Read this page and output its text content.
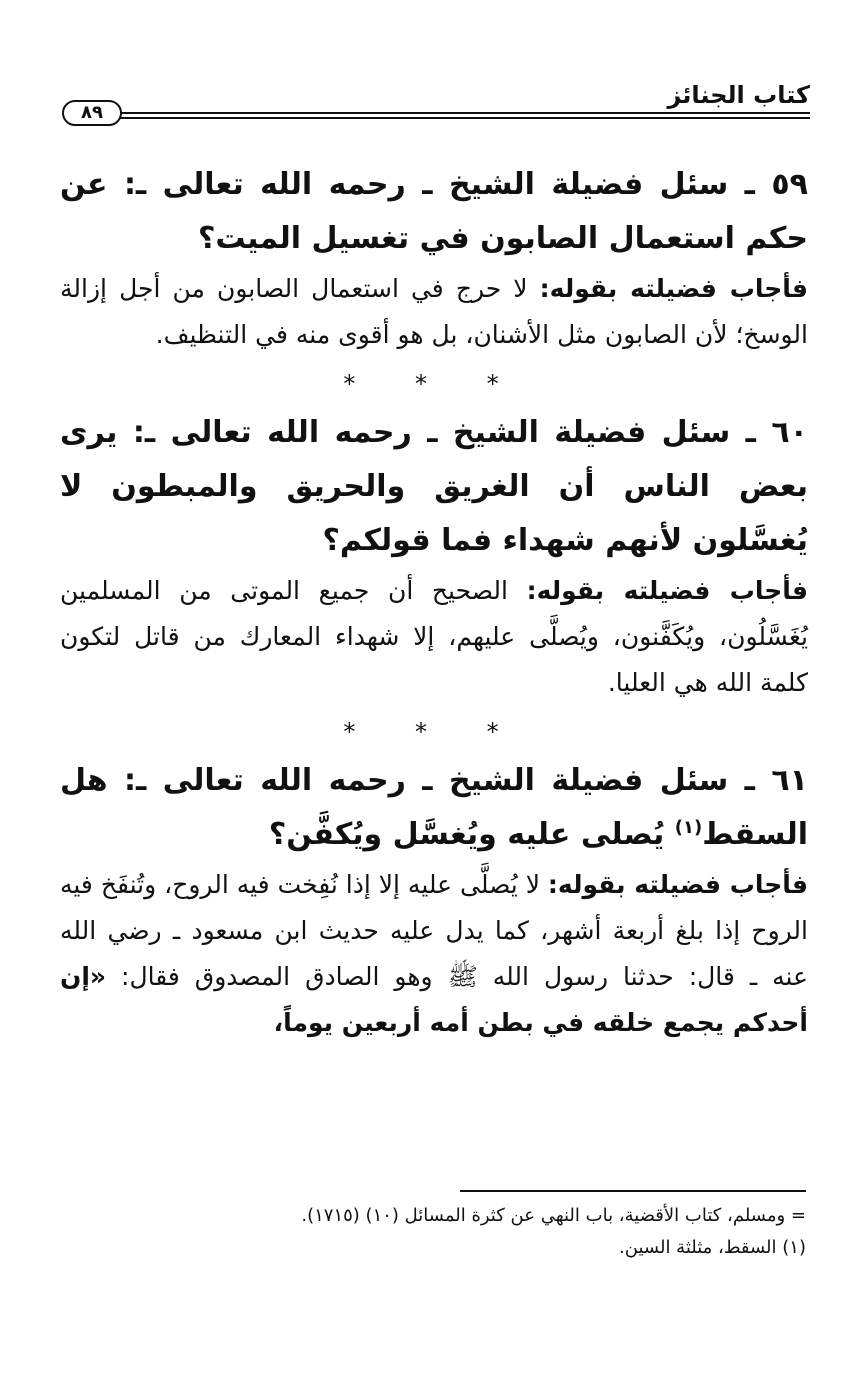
كتاب الجنائز
٨٩

٥٩ ـ سئل فضيلة الشيخ ـ رحمه الله تعالى ـ: عن حكم استعمال الصابون في تغسيل الميت؟

فأجاب فضيلته بقوله: لا حرج في استعمال الصابون من أجل إزالة الوسخ؛ لأن الصابون مثل الأشنان، بل هو أقوى منه في التنظيف.

* * *

٦٠ ـ سئل فضيلة الشيخ ـ رحمه الله تعالى ـ: يرى بعض الناس أن الغريق والحريق والمبطون لا يُغسَّلون لأنهم شهداء فما قولكم؟

فأجاب فضيلته بقوله: الصحيح أن جميع الموتى من المسلمين يُغَسَّلُون، ويُكَفَّنون، ويُصلَّى عليهم، إلا شهداء المعارك من قاتل لتكون كلمة الله هي العليا.

* * *

٦١ ـ سئل فضيلة الشيخ ـ رحمه الله تعالى ـ: هل السقط$^{(١)}$ يُصلى عليه ويُغسَّل ويُكفَّن؟

فأجاب فضيلته بقوله: لا يُصلَّى عليه إلا إذا نُفِخت فيه الروح، وتُنفَخ فيه الروح إذا بلغ أربعة أشهر، كما يدل عليه حديث ابن مسعود ـ رضي الله عنه ـ قال: حدثنا رسول الله ﷺ وهو الصادق المصدوق فقال: «إن أحدكم يجمع خلقه في بطن أمه أربعين يوماً،

= ومسلم، كتاب الأقضية، باب النهي عن كثرة المسائل (١٠) (١٧١٥).

(١) السقط، مثلثة السين.
